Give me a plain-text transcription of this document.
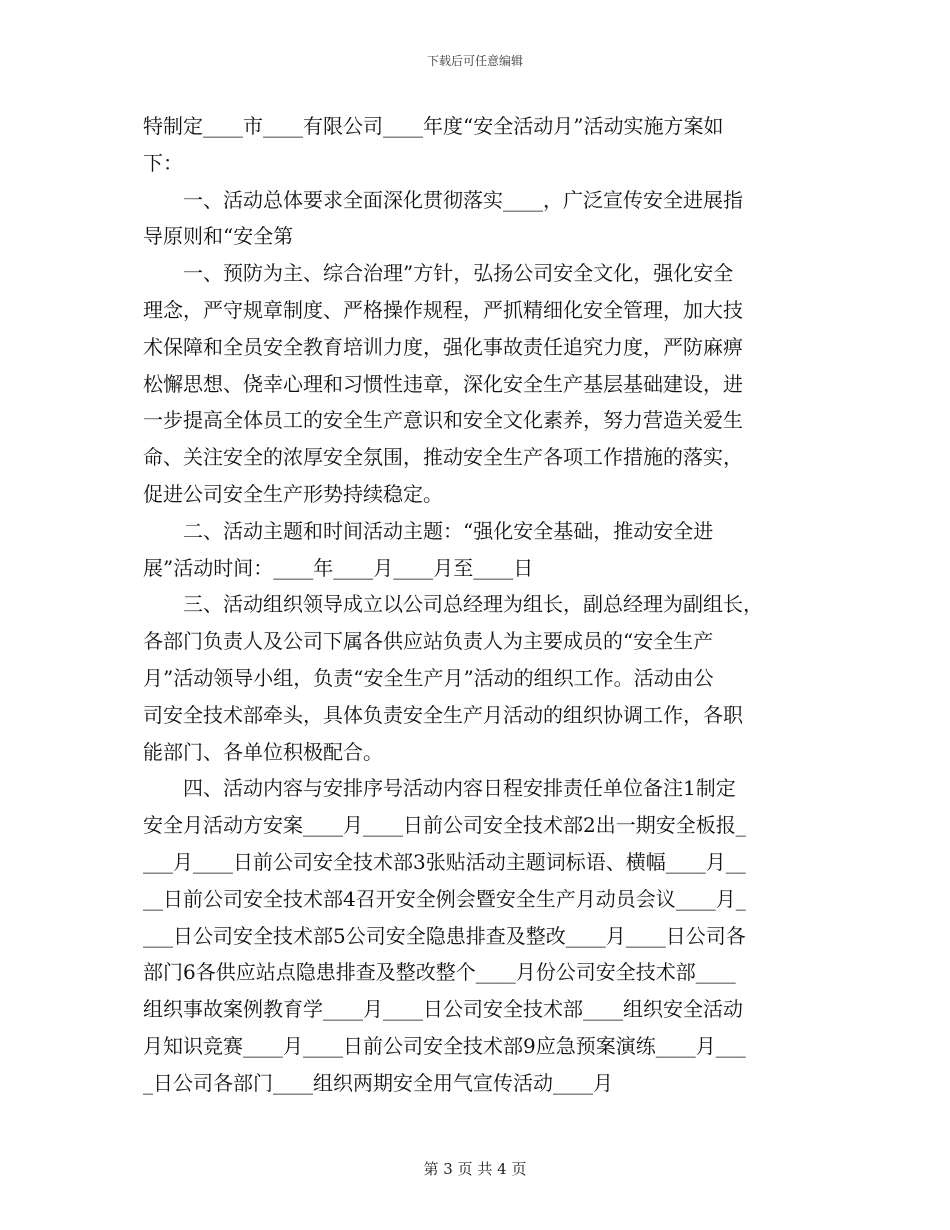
下载后可任意编辑
特制定____市____有限公司____年度“安全活动月”活动实施方案如
下：
一、活动总体要求全面深化贯彻落实____，广泛宣传安全进展指
导原则和“安全第
一、预防为主、综合治理”方针，弘扬公司安全文化，强化安全
理念，严守规章制度、严格操作规程，严抓精细化安全管理，加大技
术保障和全员安全教育培训力度，强化事故责任追究力度，严防麻痹
松懈思想、侥幸心理和习惯性违章，深化安全生产基层基础建设，进
一步提高全体员工的安全生产意识和安全文化素养，努力营造关爱生
命、关注安全的浓厚安全氛围，推动安全生产各项工作措施的落实，
促进公司安全生产形势持续稳定。
二、活动主题和时间活动主题：“强化安全基础，推动安全进
展”活动时间：____年____月____月至____日
三、活动组织领导成立以公司总经理为组长，副总经理为副组长，
各部门负责人及公司下属各供应站负责人为主要成员的“安全生产
月”活动领导小组，负责“安全生产月”活动的组织工作。活动由公
司安全技术部牵头，具体负责安全生产月活动的组织协调工作，各职
能部门、各单位积极配合。
四、活动内容与安排序号活动内容日程安排责任单位备注1制定
安全月活动方安案____月____日前公司安全技术部2出一期安全板报_
___月____日前公司安全技术部3张贴活动主题词标语、横幅____月__
__日前公司安全技术部4召开安全例会暨安全生产月动员会议____月_
___日公司安全技术部5公司安全隐患排查及整改____月____日公司各
部门6各供应站点隐患排查及整改整个____月份公司安全技术部____
组织事故案例教育学____月____日公司安全技术部____组织安全活动
月知识竞赛____月____日前公司安全技术部9应急预案演练____月___
_日公司各部门____组织两期安全用气宣传活动____月
第 3 页 共 4 页
